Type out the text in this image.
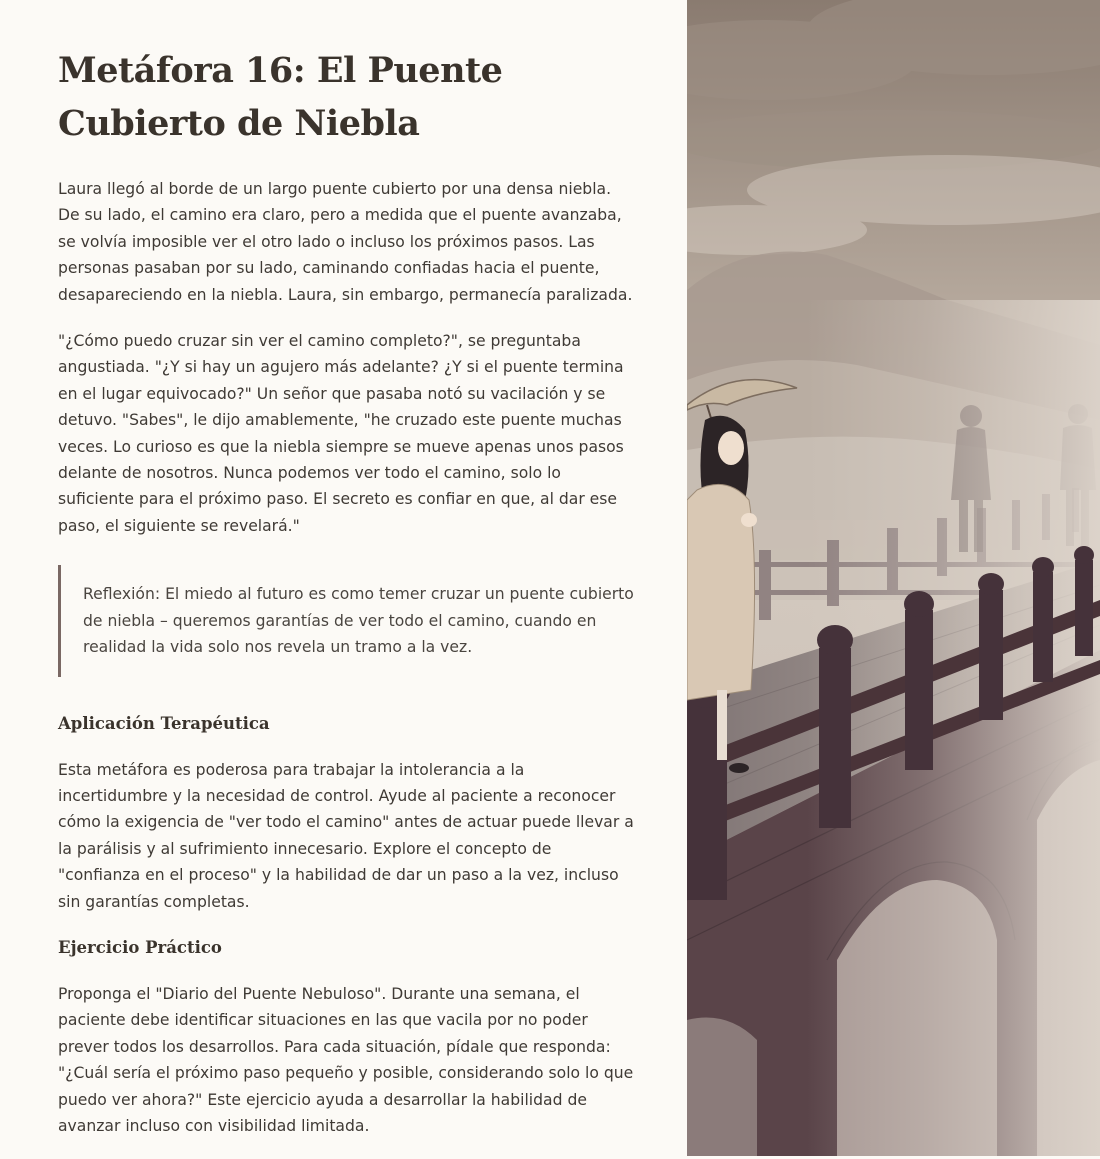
Metáfora 16: El Puente Cubierto de Niebla

Laura llegó al borde de un largo puente cubierto por una densa niebla. De su lado, el camino era claro, pero a medida que el puente avanzaba, se volvía imposible ver el otro lado o incluso los próximos pasos. Las personas pasaban por su lado, caminando confiadas hacia el puente, desapareciendo en la niebla. Laura, sin embargo, permanecía paralizada.

"¿Cómo puedo cruzar sin ver el camino completo?", se preguntaba angustiada. "¿Y si hay un agujero más adelante? ¿Y si el puente termina en el lugar equivocado?" Un señor que pasaba notó su vacilación y se detuvo. "Sabes", le dijo amablemente, "he cruzado este puente muchas veces. Lo curioso es que la niebla siempre se mueve apenas unos pasos delante de nosotros. Nunca podemos ver todo el camino, solo lo suficiente para el próximo paso. El secreto es confiar en que, al dar ese paso, el siguiente se revelará."

Reflexión: El miedo al futuro es como temer cruzar un puente cubierto de niebla – queremos garantías de ver todo el camino, cuando en realidad la vida solo nos revela un tramo a la vez.
Aplicación Terapéutica

Esta metáfora es poderosa para trabajar la intolerancia a la incertidumbre y la necesidad de control. Ayude al paciente a reconocer cómo la exigencia de "ver todo el camino" antes de actuar puede llevar a la parálisis y al sufrimiento innecesario. Explore el concepto de "confianza en el proceso" y la habilidad de dar un paso a la vez, incluso sin garantías completas.

Ejercicio Práctico

Proponga el "Diario del Puente Nebuloso". Durante una semana, el paciente debe identificar situaciones en las que vacila por no poder prever todos los desarrollos. Para cada situación, pídale que responda: "¿Cuál sería el próximo paso pequeño y posible, considerando solo lo que puedo ver ahora?" Este ejercicio ayuda a desarrollar la habilidad de avanzar incluso con visibilidad limitada.
